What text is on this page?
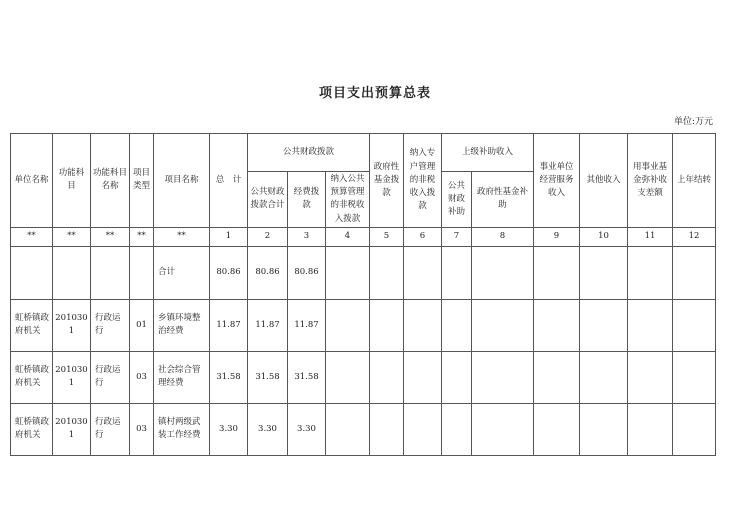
项目支出预算总表
单位:万元
单位名称	功能科目	功能科目名称	项目类型	项目名称	总　计	公共财政拨款			政府性基金拨款	纳入专户管理的非税收入拨款	上级补助收入		事业单位经营服务收入	其他收入	用事业基金弥补收支差额	上年结转
						公共财政拨款合计	经费拨款	纳入公共预算管理的非税收入拨款			公共财政补助	政府性基金补助				
**	**	**	**	**	1	2	3	4	5	6	7	8	9	10	11	12
				合计	80.86	80.86	80.86									
虹桥镇政府机关	2010301	行政运行	01	乡镇环境整治经费	11.87	11.87	11.87									
虹桥镇政府机关	2010301	行政运行	03	社会综合管理经费	31.58	31.58	31.58									
虹桥镇政府机关	2010301	行政运行	03	镇村两级武装工作经费	3.30	3.30	3.30									
